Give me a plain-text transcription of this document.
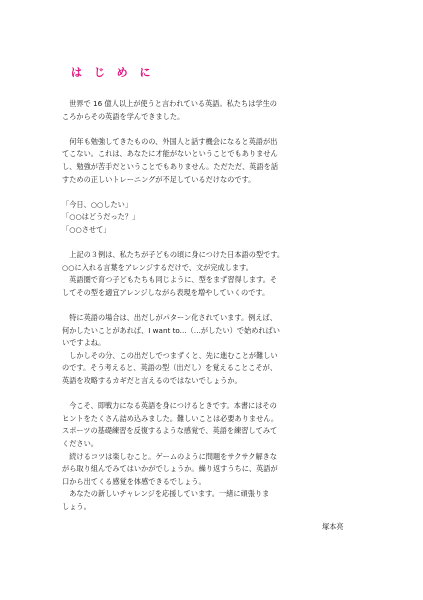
は じ め に

　世界で 16 億人以上が使うと言われている英語。私たちは学生の

ころからその英語を学んできました。

　何年も勉強してきたものの、外国人と話す機会になると英語が出

てこない。これは、あなたに才能がないということでもありません

し、勉強が苦手だということでもありません。ただただ、英語を話

すための正しいトレーニングが不足しているだけなのです。

「今日、○○したい」

「○○はどうだった？」

「○○させて」

　上記の３例は、私たちが子どもの頃に身につけた日本語の型です。

○○に入れる言葉をアレンジするだけで、文が完成します。

　英語圏で育つ子どもたちも同じように、型をまず習得します。そ

してその型を適宜アレンジしながら表現を増やしていくのです。

　特に英語の場合は、出だしがパターン化されています。例えば、

何かしたいことがあれば、I want to...（…がしたい）で始めればい

いですよね。

　しかしその分、この出だしでつまずくと、先に進むことが難しい

のです。そう考えると、英語の型（出だし）を覚えることこそが、

英語を攻略するカギだと言えるのではないでしょうか。

　今こそ、即戦力になる英語を身につけるときです。本書にはその

ヒントをたくさん詰め込みました。難しいことは必要ありません。

スポーツの基礎練習を反復するような感覚で、英語を練習してみて

ください。

　続けるコツは楽しむこと。ゲームのように問題をサクサク解きな

がら取り組んでみてはいかがでしょうか。繰り返すうちに、英語が

口から出てくる感覚を体感できるでしょう。

　あなたの新しいチャレンジを応援しています。一緒に頑張りま

しょう。

塚本亮
